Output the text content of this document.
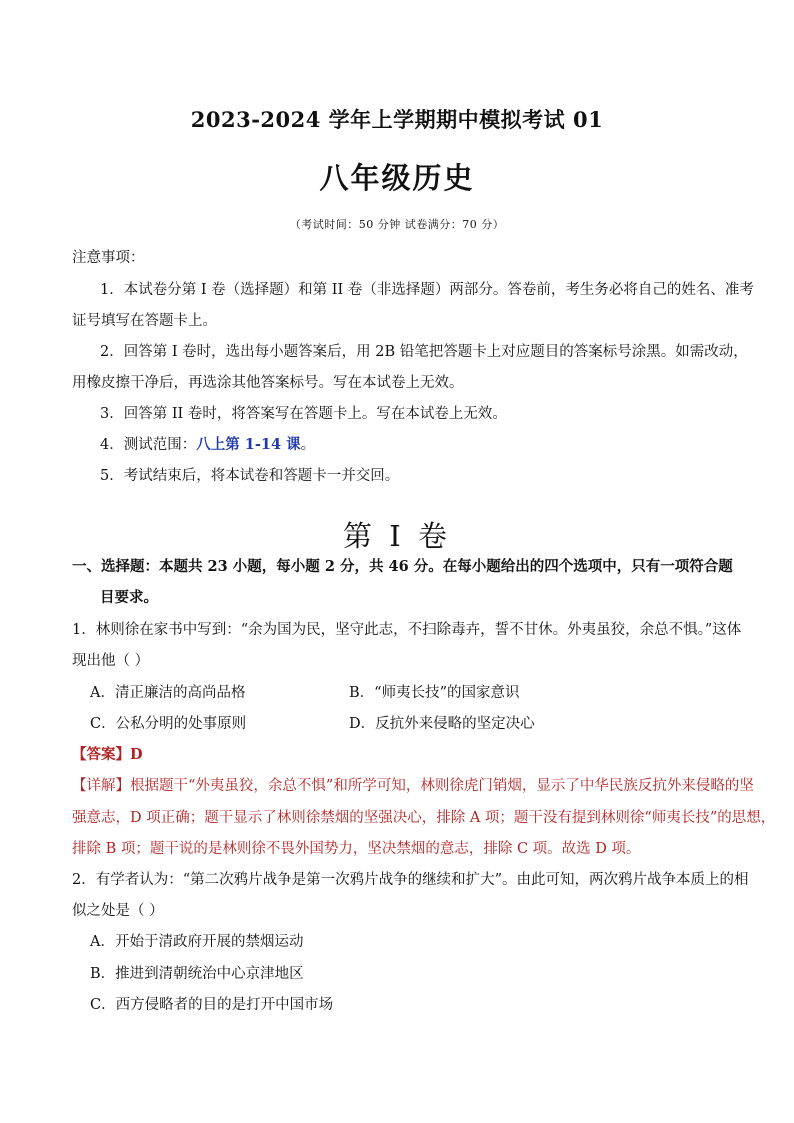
2023-2024 学年上学期期中模拟考试 01
八年级历史
（考试时间：50 分钟 试卷满分：70 分）
注意事项：
1．本试卷分第 I 卷（选择题）和第 II 卷（非选择题）两部分。答卷前，考生务必将自己的姓名、准考
证号填写在答题卡上。
2．回答第 I 卷时，选出每小题答案后，用 2B 铅笔把答题卡上对应题目的答案标号涂黑。如需改动，
用橡皮擦干净后，再选涂其他答案标号。写在本试卷上无效。
3．回答第 II 卷时，将答案写在答题卡上。写在本试卷上无效。
4．测试范围：八上第 1-14 课。
5．考试结束后，将本试卷和答题卡一并交回。
第 I 卷
一、选择题：本题共 23 小题，每小题 2 分，共 46 分。在每小题给出的四个选项中，只有一项符合题
目要求。
1．林则徐在家书中写到：“余为国为民，坚守此志，不扫除毒卉，誓不甘休。外夷虽狡，余总不惧。”这体
现出他（ ）
A．清正廉洁的高尚品格	B．“师夷长技”的国家意识
C．公私分明的处事原则	D．反抗外来侵略的坚定决心
【答案】D
【详解】根据题干“外夷虽狡，余总不惧”和所学可知，林则徐虎门销烟，显示了中华民族反抗外来侵略的坚
强意志，D 项正确；题干显示了林则徐禁烟的坚强决心，排除 A 项；题干没有提到林则徐“师夷长技”的思想，
排除 B 项；题干说的是林则徐不畏外国势力，坚决禁烟的意志，排除 C 项。故选 D 项。
2．有学者认为：“第二次鸦片战争是第一次鸦片战争的继续和扩大”。由此可知，两次鸦片战争本质上的相
似之处是（ ）
A．开始于清政府开展的禁烟运动
B．推进到清朝统治中心京津地区
C．西方侵略者的目的是打开中国市场
